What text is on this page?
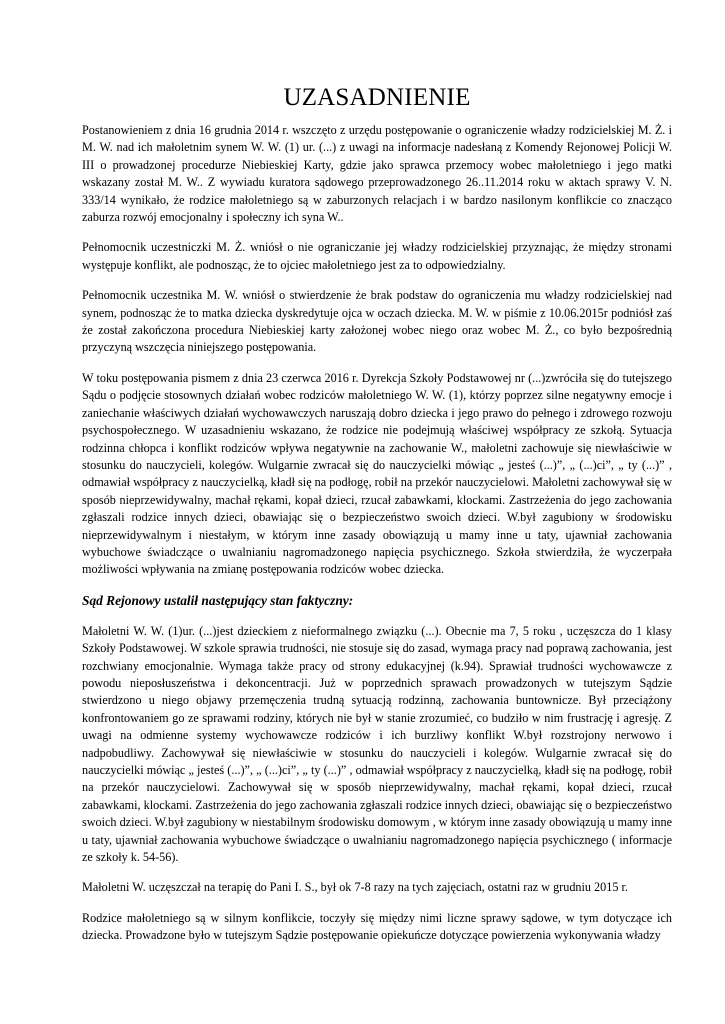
UZASADNIENIE

Postanowieniem z dnia 16 grudnia 2014 r. wszczęto z urzędu postępowanie o ograniczenie władzy rodzicielskiej M. Ż. i M. W. nad ich małoletnim synem W. W. (1) ur. (...) z uwagi na informacje nadesłaną z Komendy Rejonowej Policji W. III o prowadzonej procedurze Niebieskiej Karty, gdzie jako sprawca przemocy wobec małoletniego i jego matki wskazany został M. W.. Z wywiadu kuratora sądowego przeprowadzonego 26..11.2014 roku w aktach sprawy V. N. 333/14 wynikało, że rodzice małoletniego są w zaburzonych relacjach i w bardzo nasilonym konflikcie co znacząco zaburza rozwój emocjonalny i społeczny ich syna W..

Pełnomocnik uczestniczki M. Ż. wniósł o nie ograniczanie jej władzy rodzicielskiej przyznając, że między stronami występuje konflikt, ale podnosząc, że to ojciec małoletniego jest za to odpowiedzialny.

Pełnomocnik uczestnika M. W. wniósł o stwierdzenie że brak podstaw do ograniczenia mu władzy rodzicielskiej nad synem, podnosząc że to matka dziecka dyskredytuje ojca w oczach dziecka. M. W. w piśmie z 10.06.2015r podniósł zaś że został zakończona procedura Niebieskiej karty założonej wobec niego oraz wobec M. Ż., co było bezpośrednią przyczyną wszczęcia niniejszego postępowania.

W toku postępowania pismem z dnia 23 czerwca 2016 r. Dyrekcja Szkoły Podstawowej nr (...)zwróciła się do tutejszego Sądu o podjęcie stosownych działań wobec rodziców małoletniego W. W. (1), którzy poprzez silne negatywny emocje i zaniechanie właściwych działań wychowawczych naruszają dobro dziecka i jego prawo do pełnego i zdrowego rozwoju psychospołecznego. W uzasadnieniu wskazano, że rodzice nie podejmują właściwej współpracy ze szkołą. Sytuacja rodzinna chłopca i konflikt rodziców wpływa negatywnie na zachowanie W., małoletni zachowuje się niewłaściwie w stosunku do nauczycieli, kolegów. Wulgarnie zwracał się do nauczycielki mówiąc „ jesteś (...)”, „ (...)ci”, „ ty (...)” , odmawiał współpracy z nauczycielką, kładł się na podłogę, robił na przekór nauczycielowi. Małoletni zachowywał się w sposób nieprzewidywalny, machał rękami, kopał dzieci, rzucał zabawkami, klockami. Zastrzeżenia do jego zachowania zgłaszali rodzice innych dzieci, obawiając się o bezpieczeństwo swoich dzieci. W.był zagubiony w środowisku nieprzewidywalnym i niestałym, w którym inne zasady obowiązują u mamy inne u taty, ujawniał zachowania wybuchowe świadczące o uwalnianiu nagromadzonego napięcia psychicznego. Szkoła stwierdziła, że wyczerpała możliwości wpływania na zmianę postępowania rodziców wobec dziecka.

Sąd Rejonowy ustalił następujący stan faktyczny:

Małoletni W. W. (1)ur. (...)jest dzieckiem z nieformalnego związku (...). Obecnie ma 7, 5 roku , uczęszcza do 1 klasy Szkoły Podstawowej. W szkole sprawia trudności, nie stosuje się do zasad, wymaga pracy nad poprawą zachowania, jest rozchwiany emocjonalnie. Wymaga także pracy od strony edukacyjnej (k.94). Sprawiał trudności wychowawcze z powodu nieposłuszeństwa i dekoncentracji. Już w poprzednich sprawach prowadzonych w tutejszym Sądzie stwierdzono u niego objawy przemęczenia trudną sytuacją rodzinną, zachowania buntownicze. Był przeciążony konfrontowaniem go ze sprawami rodziny, których nie był w stanie zrozumieć, co budziło w nim frustrację i agresję. Z uwagi na odmienne systemy wychowawcze rodziców i ich burzliwy konflikt W.był rozstrojony nerwowo i nadpobudliwy. Zachowywał się niewłaściwie w stosunku do nauczycieli i kolegów. Wulgarnie zwracał się do nauczycielki mówiąc „ jesteś (...)”, „ (...)ci”, „ ty (...)” , odmawiał współpracy z nauczycielką, kładł się na podłogę, robił na przekór nauczycielowi. Zachowywał się w sposób nieprzewidywalny, machał rękami, kopał dzieci, rzucał zabawkami, klockami. Zastrzeżenia do jego zachowania zgłaszali rodzice innych dzieci, obawiając się o bezpieczeństwo swoich dzieci. W.był zagubiony w niestabilnym środowisku domowym , w którym inne zasady obowiązują u mamy inne u taty, ujawniał zachowania wybuchowe świadczące o uwalnianiu nagromadzonego napięcia psychicznego ( informacje ze szkoły k. 54-56).

Małoletni W. uczęszczał na terapię do Pani I. S., był ok 7-8 razy na tych zajęciach, ostatni raz w grudniu 2015 r.

Rodzice małoletniego są w silnym konflikcie, toczyły się między nimi liczne sprawy sądowe, w tym dotyczące ich dziecka. Prowadzone było w tutejszym Sądzie postępowanie opiekuńcze dotyczące powierzenia wykonywania władzy
